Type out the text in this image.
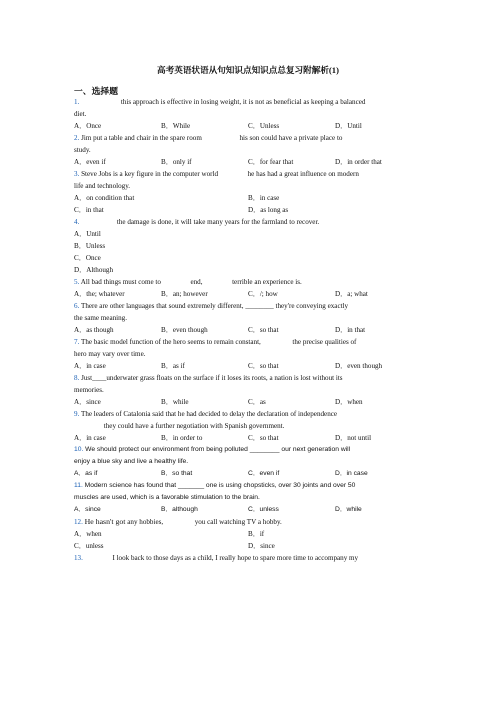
高考英语状语从句知识点知识点总复习附解析(1)
一、选择题
1.	this approach is effective in losing weight, it is not as beneficial as keeping a balanced
diet.
A．Once	B．While	C．Unless	D．Until
2. Jim put a table and chair in the spare room	his son could have a private place to
study.
A．even if	B．only if	C．for fear that	D．in order that
3. Steve Jobs is a key figure in the computer world	he has had a great influence on modern
life and technology.
A．on condition that	B．in case
C．in that	D．as long as
4.	the damage is done, it will take many years for the farmland to recover.
A．Until
B．Unless
C．Once
D．Although
5. All bad things must come to	end,	terrible an experience is.
A．the; whatever	B．an; however	C．/; how	D．a; what
6. There are other languages that sound extremely different, ________ they're conveying exactly
the same meaning.
A．as though	B．even though	C．so that	D．in that
7. The basic model function of the hero seems to remain constant,	the precise qualities of
hero may vary over time.
A．in case	B．as if	C．so that	D．even though
8. Just____underwater grass floats on the surface if it loses its roots, a nation is lost without its
memories.
A．since	B．while	C．as	D．when
9. The leaders of Catalonia said that he had decided to delay the declaration of independence
they could have a further negotiation with Spanish government.
A．in case	B．in order to	C．so that	D．not until
10. We should protect our environment from being polluted ________ our next generation will
enjoy a blue sky and live a healthy life.
A．as if	B．so that	C．even if	D．in case
11. Modern science has found that _______ one is using chopsticks, over 30 joints and over 50
muscles are used, which is a favorable stimulation to the brain.
A．since	B．although	C．unless	D．while
12. He hasn't got any hobbies,	you call watching TV a hobby.
A．when	B．if
C．unless	D．since
13.	I look back to those days as a child, I really hope to spare more time to accompany my
